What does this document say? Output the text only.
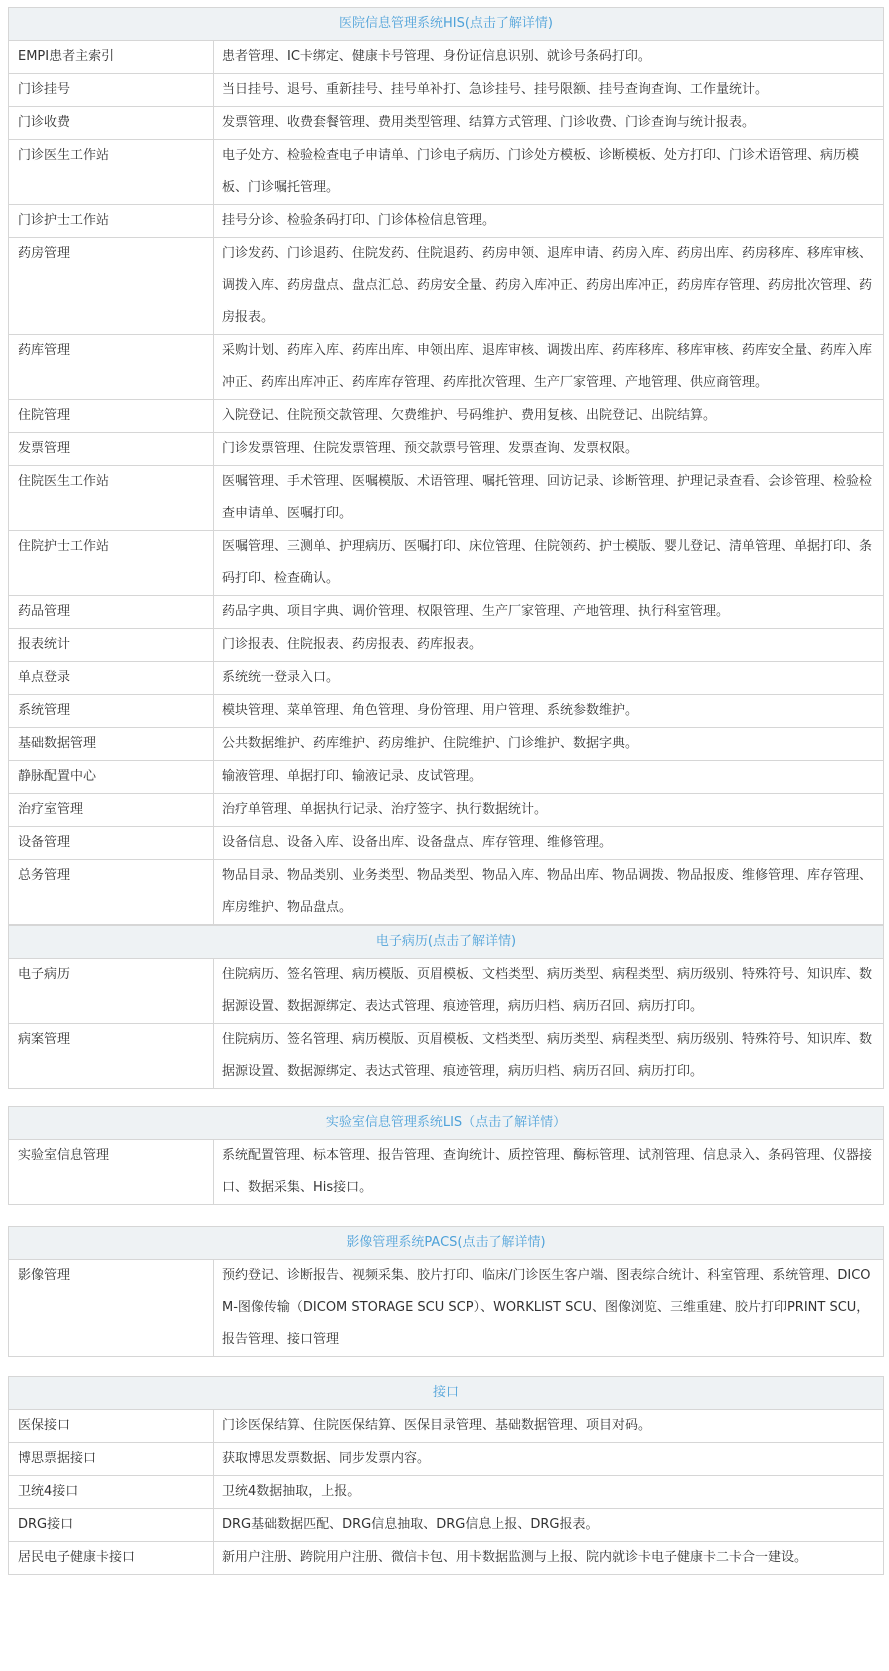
医院信息管理系统HIS(点击了解详情)	
EMPI患者主索引	患者管理、IC卡绑定、健康卡号管理、身份证信息识别、就诊号条码打印。
门诊挂号	当日挂号、退号、重新挂号、挂号单补打、急诊挂号、挂号限额、挂号查询查询、工作量统计。
门诊收费	发票管理、收费套餐管理、费用类型管理、结算方式管理、门诊收费、门诊查询与统计报表。
门诊医生工作站	电子处方、检验检查电子申请单、门诊电子病历、门诊处方模板、诊断模板、处方打印、门诊术语管理、病历模板、门诊嘱托管理。
门诊护士工作站	挂号分诊、检验条码打印、门诊体检信息管理。
药房管理	门诊发药、门诊退药、住院发药、住院退药、药房申领、退库申请、药房入库、药房出库、药房移库、移库审核、调拨入库、药房盘点、盘点汇总、药房安全量、药房入库冲正、药房出库冲正，药房库存管理、药房批次管理、药房报表。
药库管理	采购计划、药库入库、药库出库、申领出库、退库审核、调拨出库、药库移库、移库审核、药库安全量、药库入库冲正、药库出库冲正、药库库存管理、药库批次管理、生产厂家管理、产地管理、供应商管理。
住院管理	入院登记、住院预交款管理、欠费维护、号码维护、费用复核、出院登记、出院结算。
发票管理	门诊发票管理、住院发票管理、预交款票号管理、发票查询、发票权限。
住院医生工作站	医嘱管理、手术管理、医嘱模版、术语管理、嘱托管理、回访记录、诊断管理、护理记录查看、会诊管理、检验检查申请单、医嘱打印。
住院护士工作站	医嘱管理、三测单、护理病历、医嘱打印、床位管理、住院领药、护士模版、婴儿登记、清单管理、单据打印、条码打印、检查确认。
药品管理	药品字典、项目字典、调价管理、权限管理、生产厂家管理、产地管理、执行科室管理。
报表统计	门诊报表、住院报表、药房报表、药库报表。
单点登录	系统统一登录入口。
系统管理	模块管理、菜单管理、角色管理、身份管理、用户管理、系统参数维护。
基础数据管理	公共数据维护、药库维护、药房维护、住院维护、门诊维护、数据字典。
静脉配置中心	输液管理、单据打印、输液记录、皮试管理。
治疗室管理	治疗单管理、单据执行记录、治疗签字、执行数据统计。
设备管理	设备信息、设备入库、设备出库、设备盘点、库存管理、维修管理。
总务管理	物品目录、物品类别、业务类型、物品类型、物品入库、物品出库、物品调拨、物品报废、维修管理、库存管理、库房维护、物品盘点。
电子病历(点击了解详情)	
电子病历	住院病历、签名管理、病历模版、页眉模板、文档类型、病历类型、病程类型、病历级别、特殊符号、知识库、数据源设置、数据源绑定、表达式管理、痕迹管理，病历归档、病历召回、病历打印。
病案管理	住院病历、签名管理、病历模版、页眉模板、文档类型、病历类型、病程类型、病历级别、特殊符号、知识库、数据源设置、数据源绑定、表达式管理、痕迹管理，病历归档、病历召回、病历打印。
实验室信息管理系统LIS（点击了解详情）
实验室信息管理	系统配置管理、标本管理、报告管理、查询统计、质控管理、酶标管理、试剂管理、信息录入、条码管理、仪器接口、数据采集、His接口。
影像管理系统PACS(点击了解详情)
影像管理	预约登记、诊断报告、视频采集、胶片打印、临床/门诊医生客户端、图表综合统计、科室管理、系统管理、DICOM-图像传输（DICOM STORAGE SCU SCP）、WORKLIST SCU、图像浏览、三维重建、胶片打印PRINT SCU，报告管理、接口管理
接口	
医保接口	门诊医保结算、住院医保结算、医保目录管理、基础数据管理、项目对码。
博思票据接口	获取博思发票数据、同步发票内容。
卫统4接口	卫统4数据抽取，上报。
DRG接口	DRG基础数据匹配、DRG信息抽取、DRG信息上报、DRG报表。
居民电子健康卡接口	新用户注册、跨院用户注册、微信卡包、用卡数据监测与上报、院内就诊卡电子健康卡二卡合一建设。
